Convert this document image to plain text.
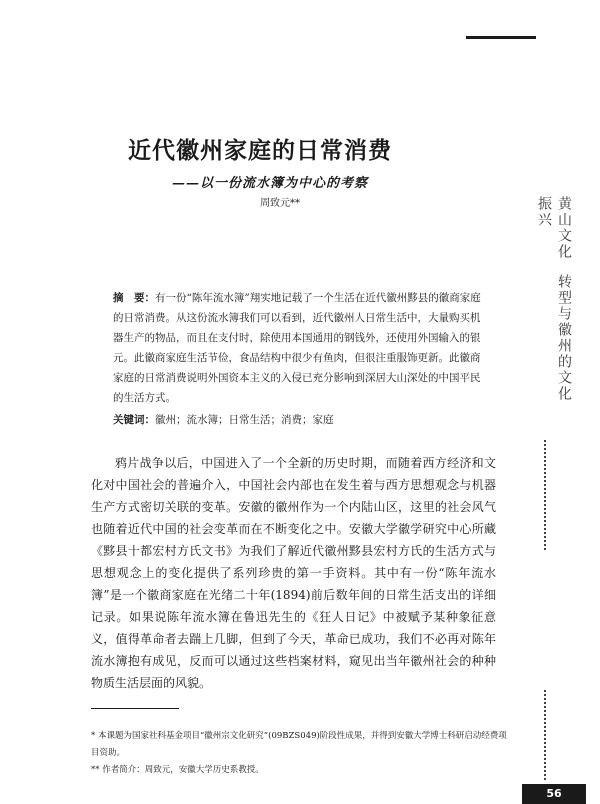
近代徽州家庭的日常消费
——以一份流水簿为中心的考察
周致元**
摘　要：有一份“陈年流水簿”翔实地记载了一个生活在近代徽州黟县的徽商家庭的日常消费。从这份流水簿我们可以看到，近代徽州人日常生活中，大量购买机器生产的物品，而且在支付时，除使用本国通用的钢钱外，还使用外国输入的银元。此徽商家庭生活节俭，食品结构中很少有鱼肉，但很注重服饰更新。此徽商家庭的日常消费说明外国资本主义的入侵已充分影响到深居大山深处的中国平民的生活方式。
关键词：徽州；流水簿；日常生活；消费；家庭

鸦片战争以后，中国进入了一个全新的历史时期，而随着西方经济和文化对中国社会的普遍介入，中国社会内部也在发生着与西方思想观念与机器生产方式密切关联的变革。安徽的徽州作为一个内陆山区，这里的社会风气也随着近代中国的社会变革而在不断变化之中。安徽大学徽学研究中心所藏《黟县十都宏村方氏文书》为我们了解近代徽州黟县宏村方氏的生活方式与思想观念上的变化提供了系列珍贵的第一手资料。其中有一份“陈年流水簿”是一个徽商家庭在光绪二十年(1894)前后数年间的日常生活支出的详细记录。如果说陈年流水簿在鲁迅先生的《狂人日记》中被赋予某种象征意义，值得革命者去踹上几脚，但到了今天，革命已成功，我们不必再对陈年流水簿抱有成见，反而可以通过这些档案材料，窥见出当年徽州社会的种种物质生活层面的风貌。

* 本课题为国家社科基金项目“徽州宗文化研究”(09BZS049)阶段性成果，并得到安徽大学博士科研启动经费项目资助。

** 作者简介：周致元，安徽大学历史系教授。

黄山文化转型与徽州的文化振兴
56
